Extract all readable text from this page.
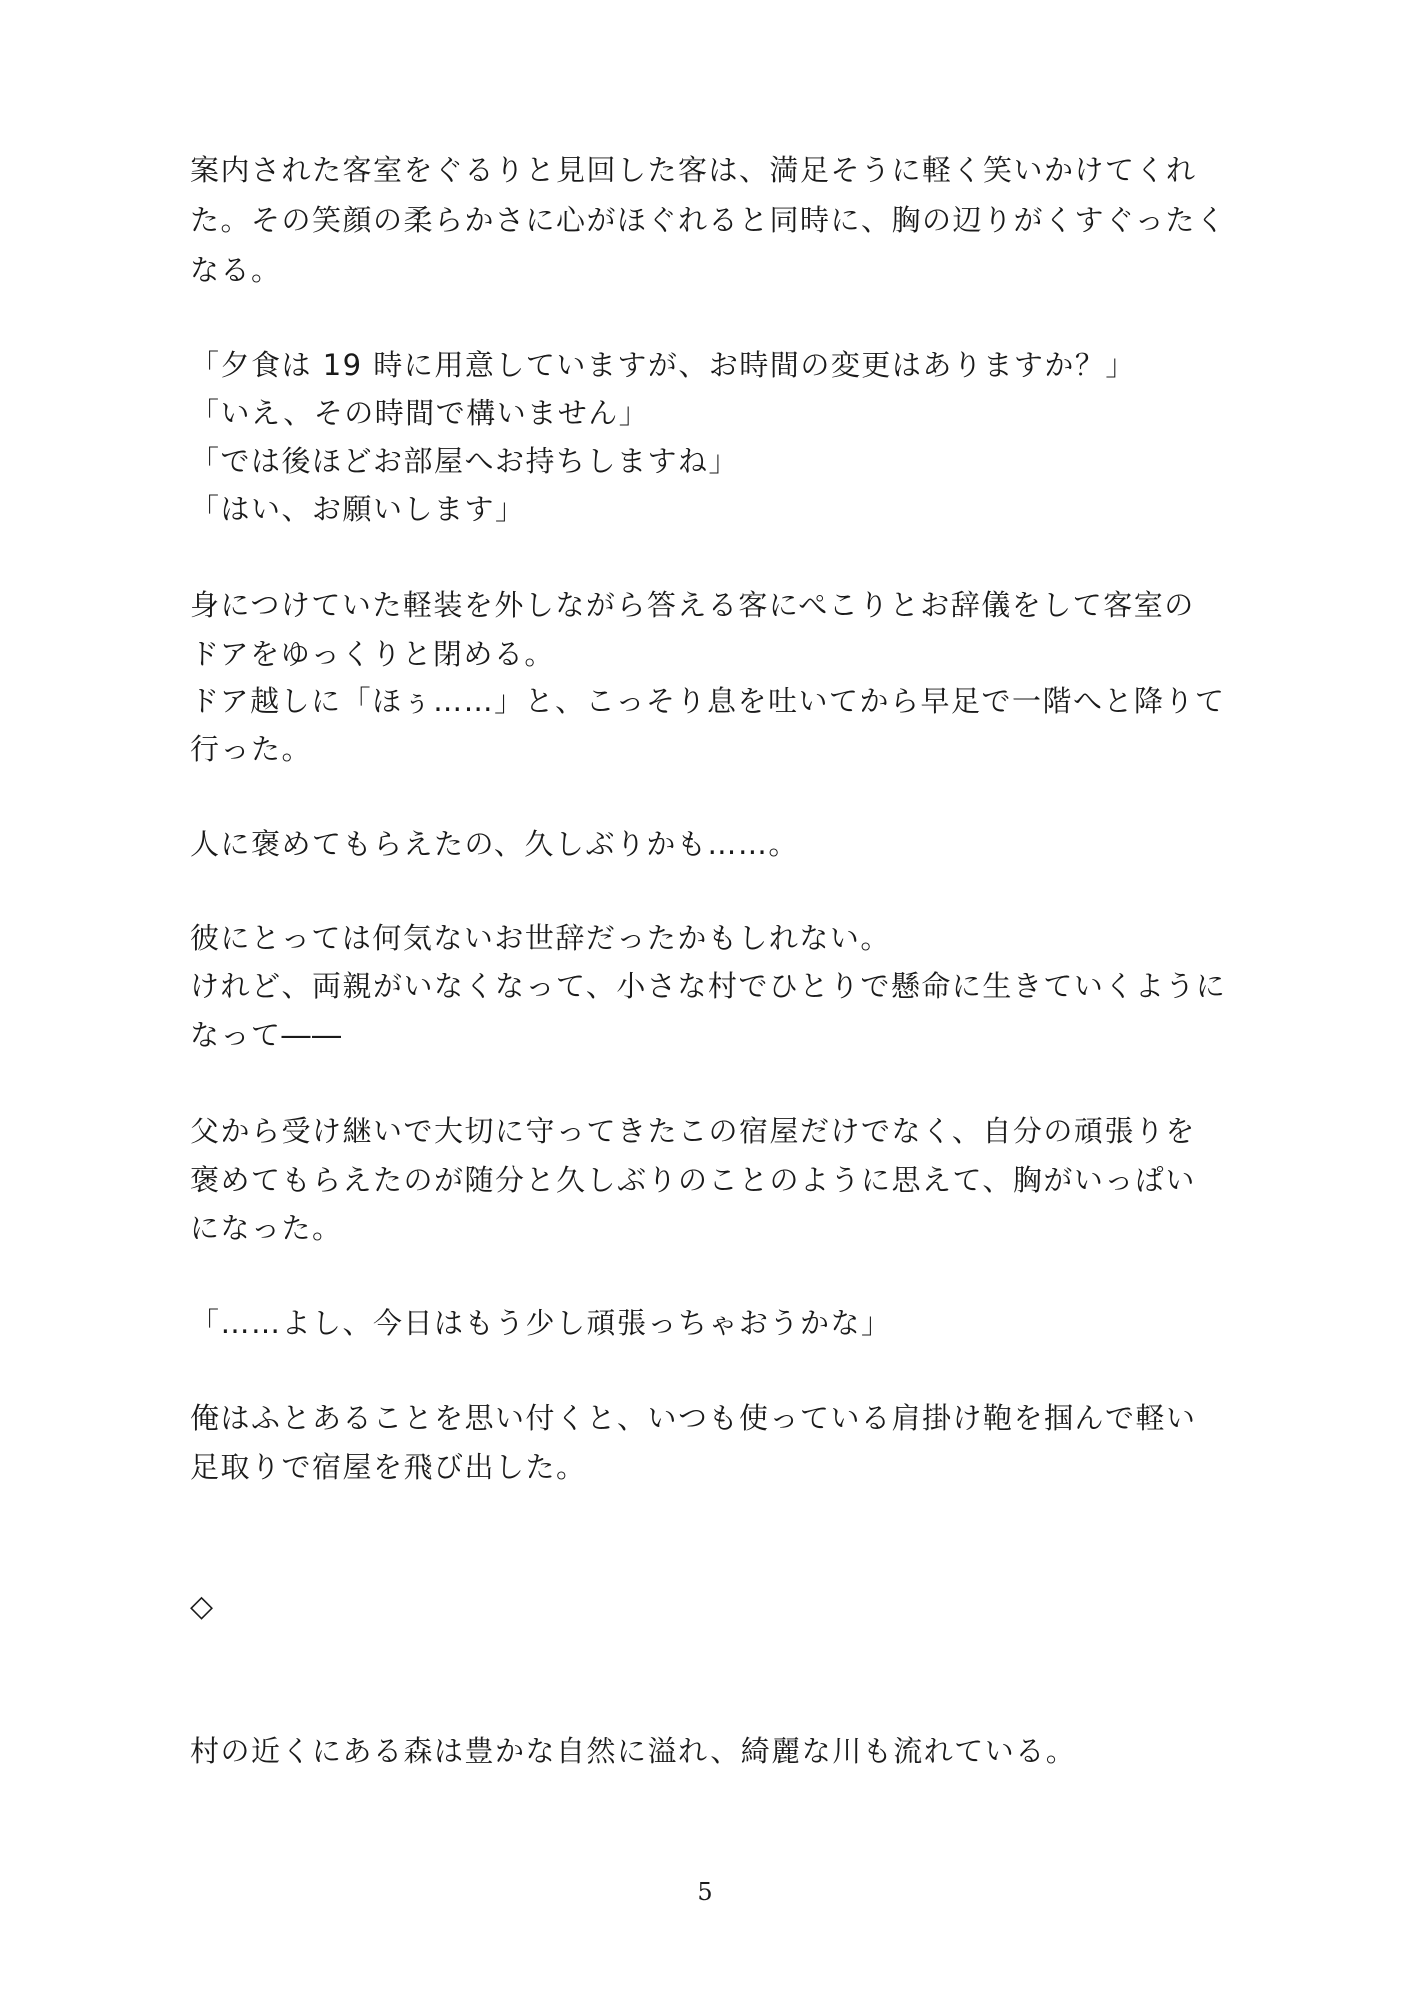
案内された客室をぐるりと見回した客は、満足そうに軽く笑いかけてくれ
た。その笑顔の柔らかさに心がほぐれると同時に、胸の辺りがくすぐったく
なる。
「夕食は 19 時に用意していますが、お時間の変更はありますか？」
「いえ、その時間で構いません」
「では後ほどお部屋へお持ちしますね」
「はい、お願いします」
身につけていた軽装を外しながら答える客にぺこりとお辞儀をして客室の
ドアをゆっくりと閉める。
ドア越しに「ほぅ……」と、こっそり息を吐いてから早足で一階へと降りて
行った。
人に褒めてもらえたの、久しぶりかも……。
彼にとっては何気ないお世辞だったかもしれない。
けれど、両親がいなくなって、小さな村でひとりで懸命に生きていくように
なって――
父から受け継いで大切に守ってきたこの宿屋だけでなく、自分の頑張りを
褒めてもらえたのが随分と久しぶりのことのように思えて、胸がいっぱい
になった。
「……よし、今日はもう少し頑張っちゃおうかな」
俺はふとあることを思い付くと、いつも使っている肩掛け鞄を掴んで軽い
足取りで宿屋を飛び出した。
◇
村の近くにある森は豊かな自然に溢れ、綺麗な川も流れている。
5
